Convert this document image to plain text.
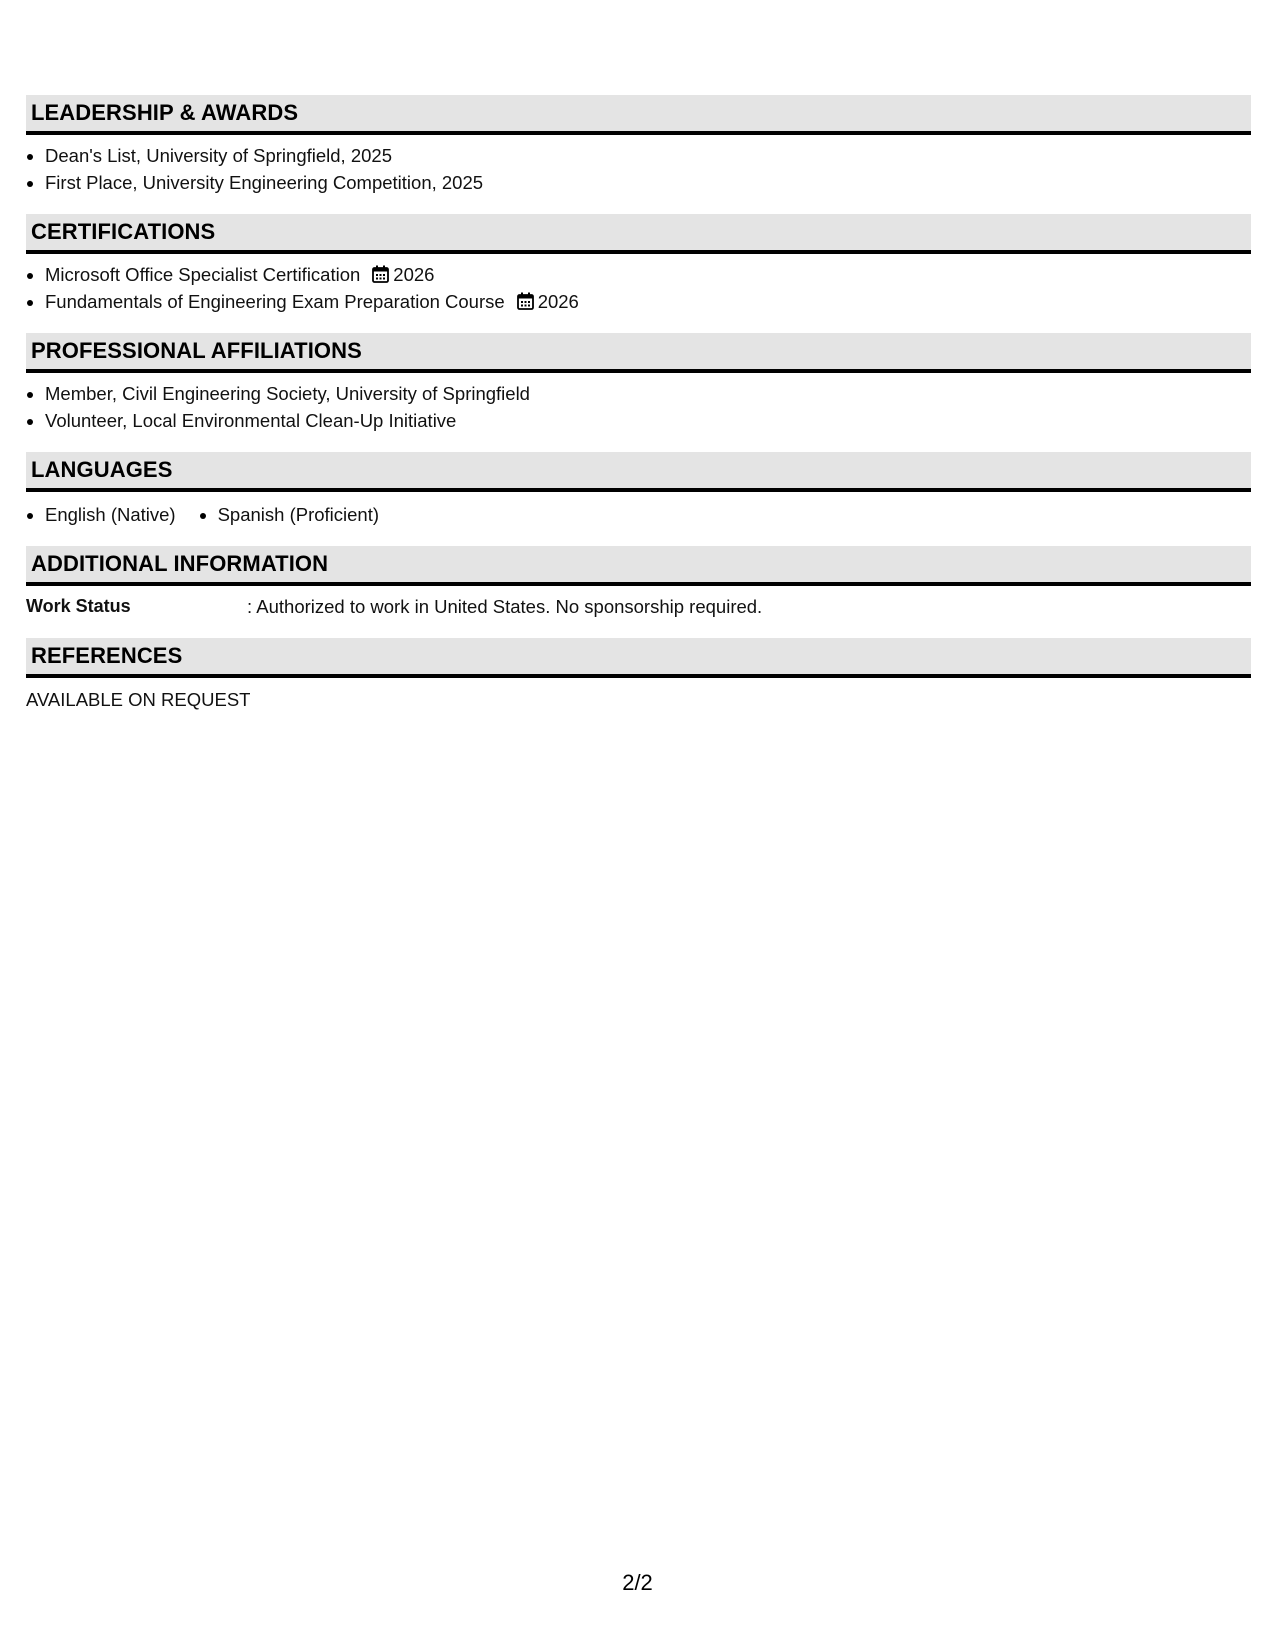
LEADERSHIP & AWARDS
Dean's List, University of Springfield, 2025
First Place, University Engineering Competition, 2025
CERTIFICATIONS
Microsoft Office Specialist Certification 2026
Fundamentals of Engineering Exam Preparation Course 2026
PROFESSIONAL AFFILIATIONS
Member, Civil Engineering Society, University of Springfield
Volunteer, Local Environmental Clean-Up Initiative
LANGUAGES
English (Native)	Spanish (Proficient)
ADDITIONAL INFORMATION
Work Status	: Authorized to work in United States. No sponsorship required.
REFERENCES
AVAILABLE ON REQUEST
2/2
